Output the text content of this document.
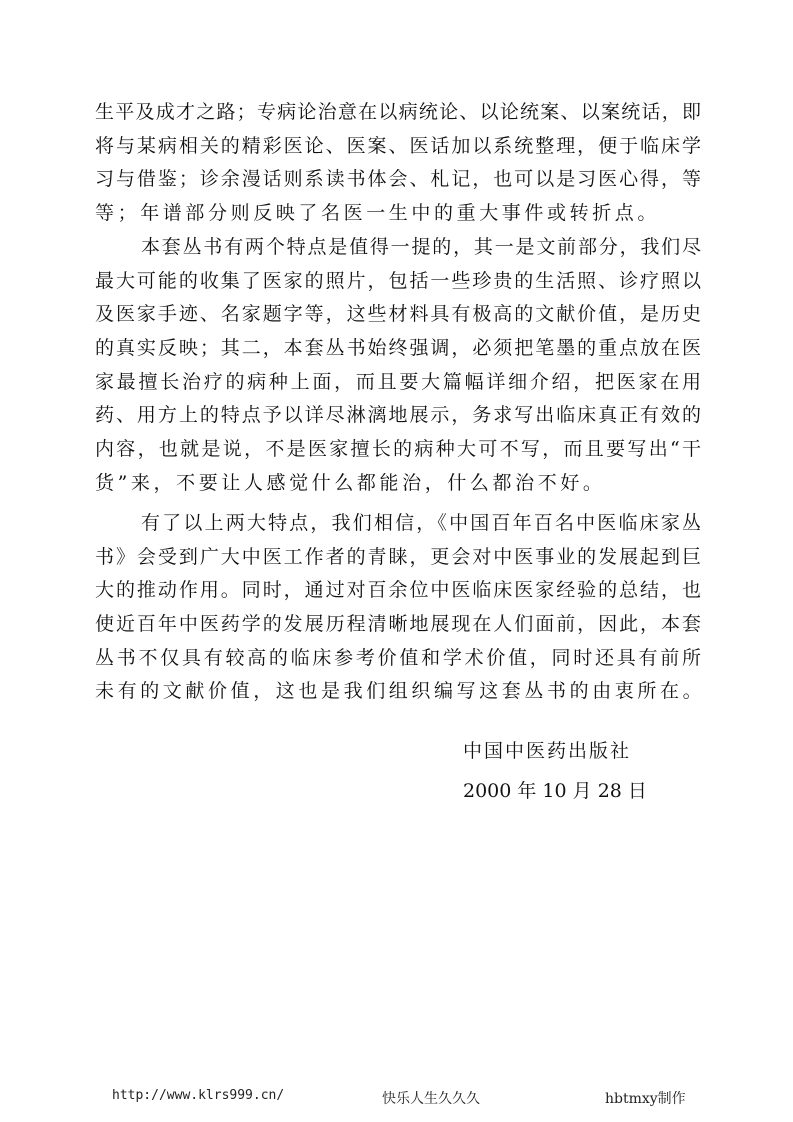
生平及成才之路；专病论治意在以病统论、以论统案、以案统话，即
将与某病相关的精彩医论、医案、医话加以系统整理，便于临床学
习与借鉴；诊余漫话则系读书体会、札记，也可以是习医心得，等
等；年谱部分则反映了名医一生中的重大事件或转折点。
本套丛书有两个特点是值得一提的，其一是文前部分，我们尽
最大可能的收集了医家的照片，包括一些珍贵的生活照、诊疗照以
及医家手迹、名家题字等，这些材料具有极高的文献价值，是历史
的真实反映；其二，本套丛书始终强调，必须把笔墨的重点放在医
家最擅长治疗的病种上面，而且要大篇幅详细介绍，把医家在用
药、用方上的特点予以详尽淋漓地展示，务求写出临床真正有效的
内容，也就是说，不是医家擅长的病种大可不写，而且要写出“干
货”来，不要让人感觉什么都能治，什么都治不好。
有了以上两大特点，我们相信，《中国百年百名中医临床家丛
书》会受到广大中医工作者的青睐，更会对中医事业的发展起到巨
大的推动作用。同时，通过对百余位中医临床医家经验的总结，也
使近百年中医药学的发展历程清晰地展现在人们面前，因此，本套
丛书不仅具有较高的临床参考价值和学术价值，同时还具有前所
未有的文献价值，这也是我们组织编写这套丛书的由衷所在。
中国中医药出版社
2000 年 10 月 28 日
http://www.klrs999.cn/	快乐人生久久久	hbtmxy制作
